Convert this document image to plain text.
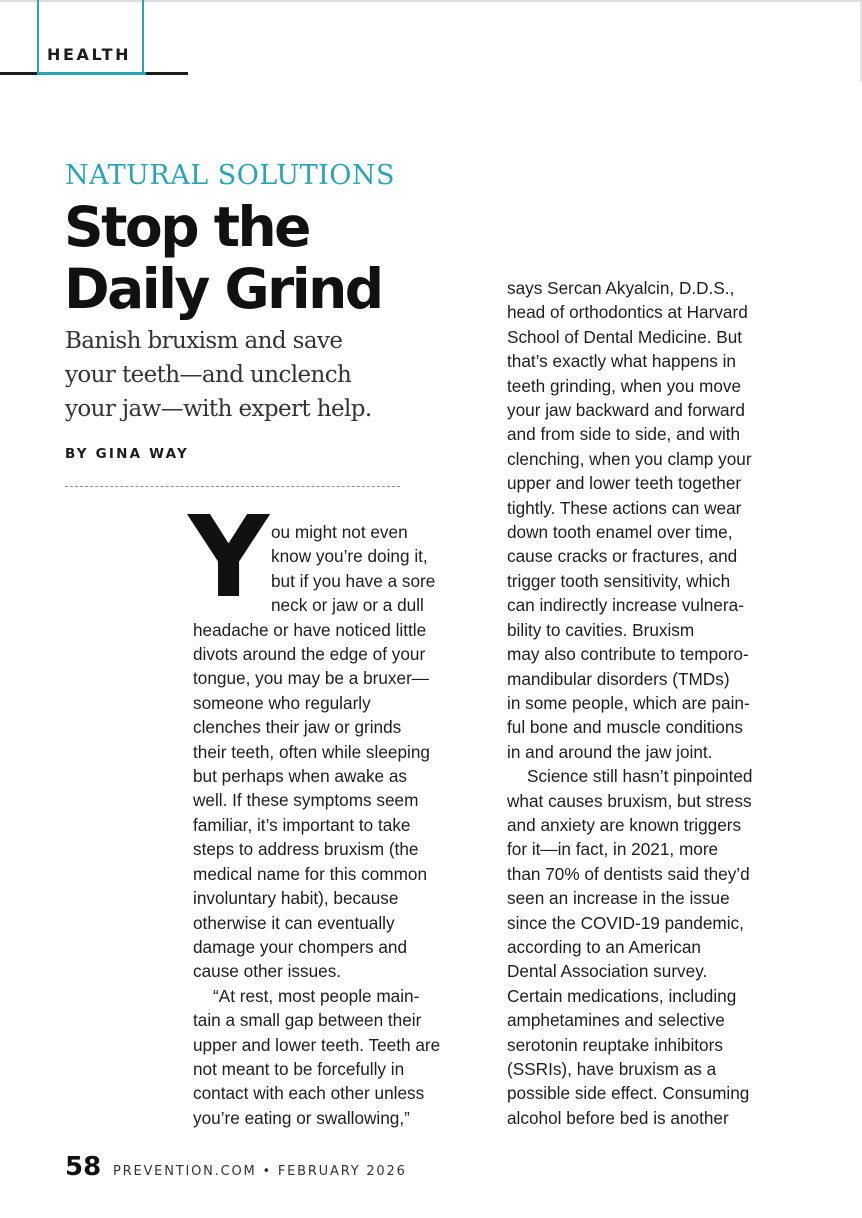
HEALTH
NATURAL SOLUTIONS
Stop the
Daily Grind
Banish bruxism and save
your teeth—and unclench
your jaw—with expert help.
BY GINA WAY
Y ou might not even
know you’re doing it,
but if you have a sore
neck or jaw or a dull
headache or have noticed little
divots around the edge of your
tongue, you may be a bruxer—
someone who regularly
clenches their jaw or grinds
their teeth, often while sleeping
but perhaps when awake as
well. If these symptoms seem
familiar, it’s important to take
steps to address bruxism (the
medical name for this common
involuntary habit), because
otherwise it can eventually
damage your chompers and
cause other issues.
“At rest, most people main-
tain a small gap between their
upper and lower teeth. Teeth are
not meant to be forcefully in
contact with each other unless
you’re eating or swallowing,”
says Sercan Akyalcin, D.D.S.,
head of orthodontics at Harvard
School of Dental Medicine. But
that’s exactly what happens in
teeth grinding, when you move
your jaw backward and forward
and from side to side, and with
clenching, when you clamp your
upper and lower teeth together
tightly. These actions can wear
down tooth enamel over time,
cause cracks or fractures, and
trigger tooth sensitivity, which
can indirectly increase vulnera-
bility to cavities. Bruxism
may also contribute to temporo-
mandibular disorders (TMDs)
in some people, which are pain-
ful bone and muscle conditions
in and around the jaw joint.
Science still hasn’t pinpointed
what causes bruxism, but stress
and anxiety are known triggers
for it—in fact, in 2021, more
than 70% of dentists said they’d
seen an increase in the issue
since the COVID-19 pandemic,
according to an American
Dental Association survey.
Certain medications, including
amphetamines and selective
serotonin reuptake inhibitors
(SSRIs), have bruxism as a
possible side effect. Consuming
alcohol before bed is another
58 PREVENTION.COM • FEBRUARY 2026
